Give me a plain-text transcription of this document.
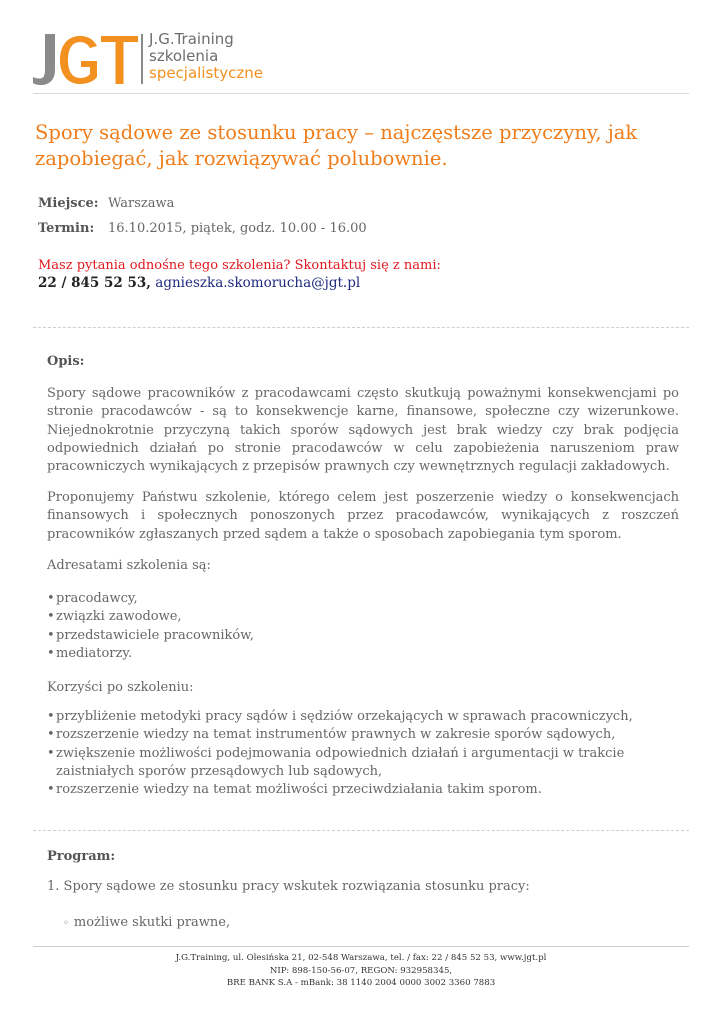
J.G.Training
szkolenia
specjalistyczne
Spory sądowe ze stosunku pracy – najczęstsze przyczyny, jak zapobiegać, jak rozwiązywać polubownie.
Miejsce: Warszawa
Termin: 16.10.2015, piątek, godz. 10.00 - 16.00
Masz pytania odnośne tego szkolenia? Skontaktuj się z nami:
22 / 845 52 53, agnieszka.skomorucha@jgt.pl
Opis:

Spory sądowe pracowników z pracodawcami często skutkują poważnymi konsekwencjami po stronie pracodawców - są to konsekwencje karne, finansowe, społeczne czy wizerunkowe. Niejednokrotnie przyczyną takich sporów sądowych jest brak wiedzy czy brak podjęcia odpowiednich działań po stronie pracodawców w celu zapobieżenia naruszeniom praw pracowniczych wynikających z przepisów prawnych czy wewnętrznych regulacji zakładowych.

Proponujemy Państwu szkolenie, którego celem jest poszerzenie wiedzy o konsekwencjach finansowych i społecznych ponoszonych przez pracodawców, wynikających z roszczeń pracowników zgłaszanych przed sądem a także o sposobach zapobiegania tym sporom.

Adresatami szkolenia są:

• pracodawcy,
• związki zawodowe,
• przedstawiciele pracowników,
• mediatorzy.

Korzyści po szkoleniu:

• przybliżenie metodyki pracy sądów i sędziów orzekających w sprawach pracowniczych,
• rozszerzenie wiedzy na temat instrumentów prawnych w zakresie sporów sądowych,
• zwiększenie możliwości podejmowania odpowiednich działań i argumentacji w trakcie zaistniałych sporów przesądowych lub sądowych,
• rozszerzenie wiedzy na temat możliwości przeciwdziałania takim sporom.
Program:
1. Spory sądowe ze stosunku pracy wskutek rozwiązania stosunku pracy:
◦ możliwe skutki prawne,
J.G.Training, ul. Olesińska 21, 02-548 Warszawa, tel. / fax: 22 / 845 52 53, www.jgt.pl
NIP: 898-150-56-07, REGON: 932958345,
BRE BANK S.A - mBank: 38 1140 2004 0000 3002 3360 7883
